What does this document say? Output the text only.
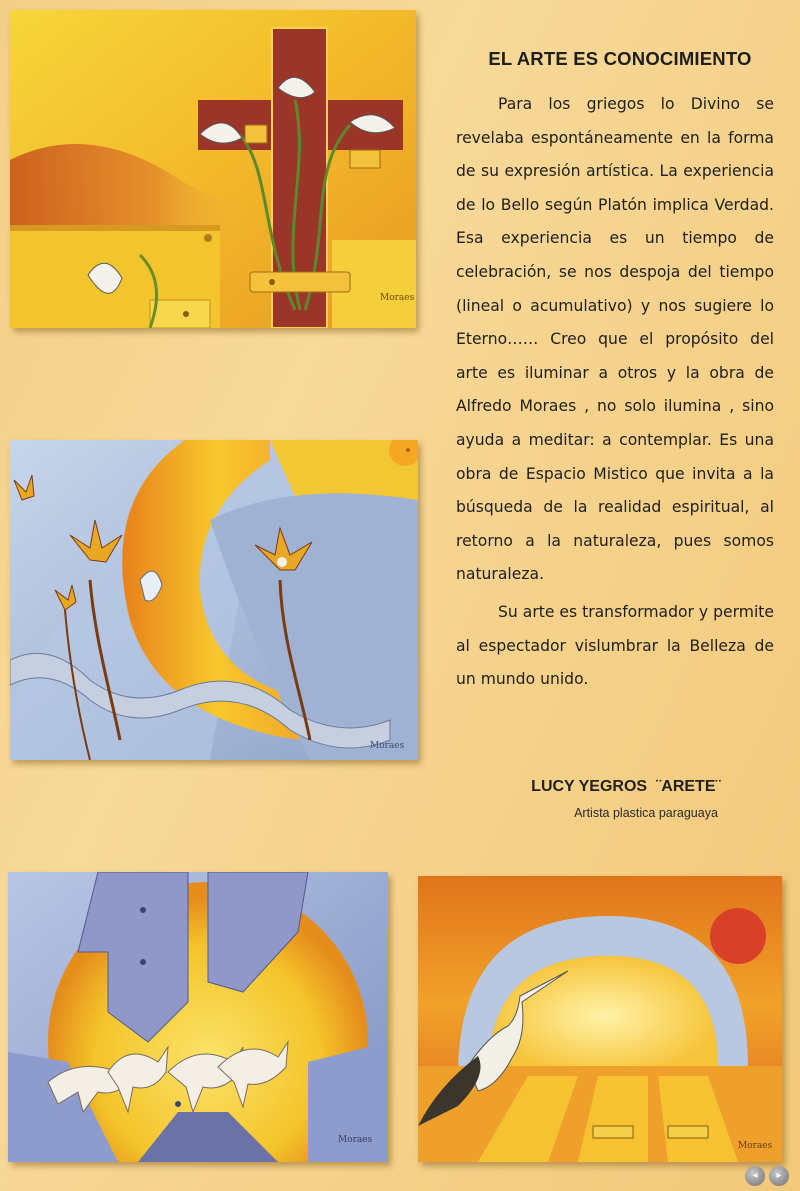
Moraes
Moraes
Moraes
Moraes
EL ARTE ES CONOCIMIENTO

Para los griegos lo Divino se revelaba espontáneamente en la forma de su expresión artística. La experiencia de lo Bello según Platón implica Verdad. Esa experiencia es un tiempo de celebración, se nos despoja del tiempo (lineal o acumulativo) y nos sugiere lo Eterno…… Creo que el propósito del arte es iluminar a otros y la obra de Alfredo Moraes , no solo ilumina , sino ayuda a meditar: a contemplar. Es una obra de Espacio Mistico que invita a la búsqueda de la realidad espiritual, al retorno a la naturaleza, pues somos naturaleza.

Su arte es transformador y permite al espectador vislumbrar la Belleza de un mundo unido.

LUCY YEGROS  ¨ARETE¨
Artista plastica paraguaya
◂	▸
